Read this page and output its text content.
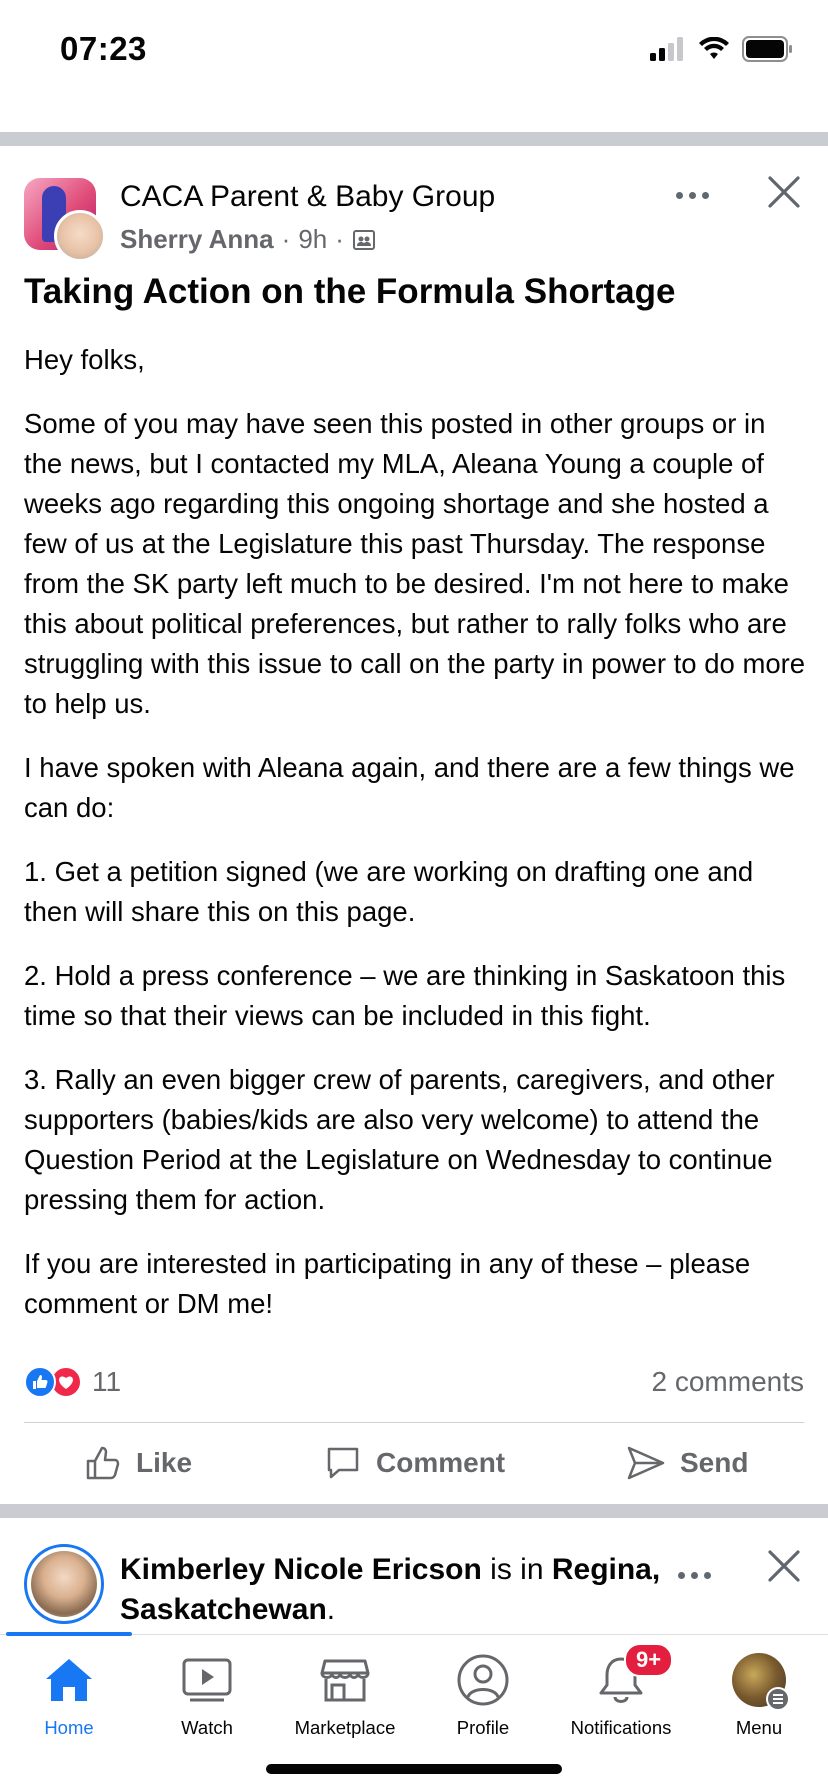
07:23
CACA Parent & Baby Group
Sherry Anna · 9h ·
Taking Action on the Formula Shortage

Hey folks,

Some of you may have seen this posted in other groups or in the news, but I contacted my MLA, Aleana Young a couple of weeks ago regarding this ongoing shortage and she hosted a few of us at the Legislature this past Thursday. The response from the SK party left much to be desired. I'm not here to make this about political preferences, but rather to rally folks who are struggling with this issue to call on the party in power to do more to help us.

I have spoken with Aleana again, and there are a few things we can do:

1. Get a petition signed (we are working on drafting one and then will share this on this page.

2. Hold a press conference – we are thinking in Saskatoon this time so that their views can be included in this fight.

3. Rally an even bigger crew of parents, caregivers, and other supporters (babies/kids are also very welcome) to attend the Question Period at the Legislature on Wednesday to continue pressing them for action.

If you are interested in participating in any of these – please comment or DM me!

11	2 comments
Like	Comment	Send
Kimberley Nicole Ericson is in Regina, Saskatchewan.
Home	Watch	Marketplace	Profile
9+
Notifications	Menu
